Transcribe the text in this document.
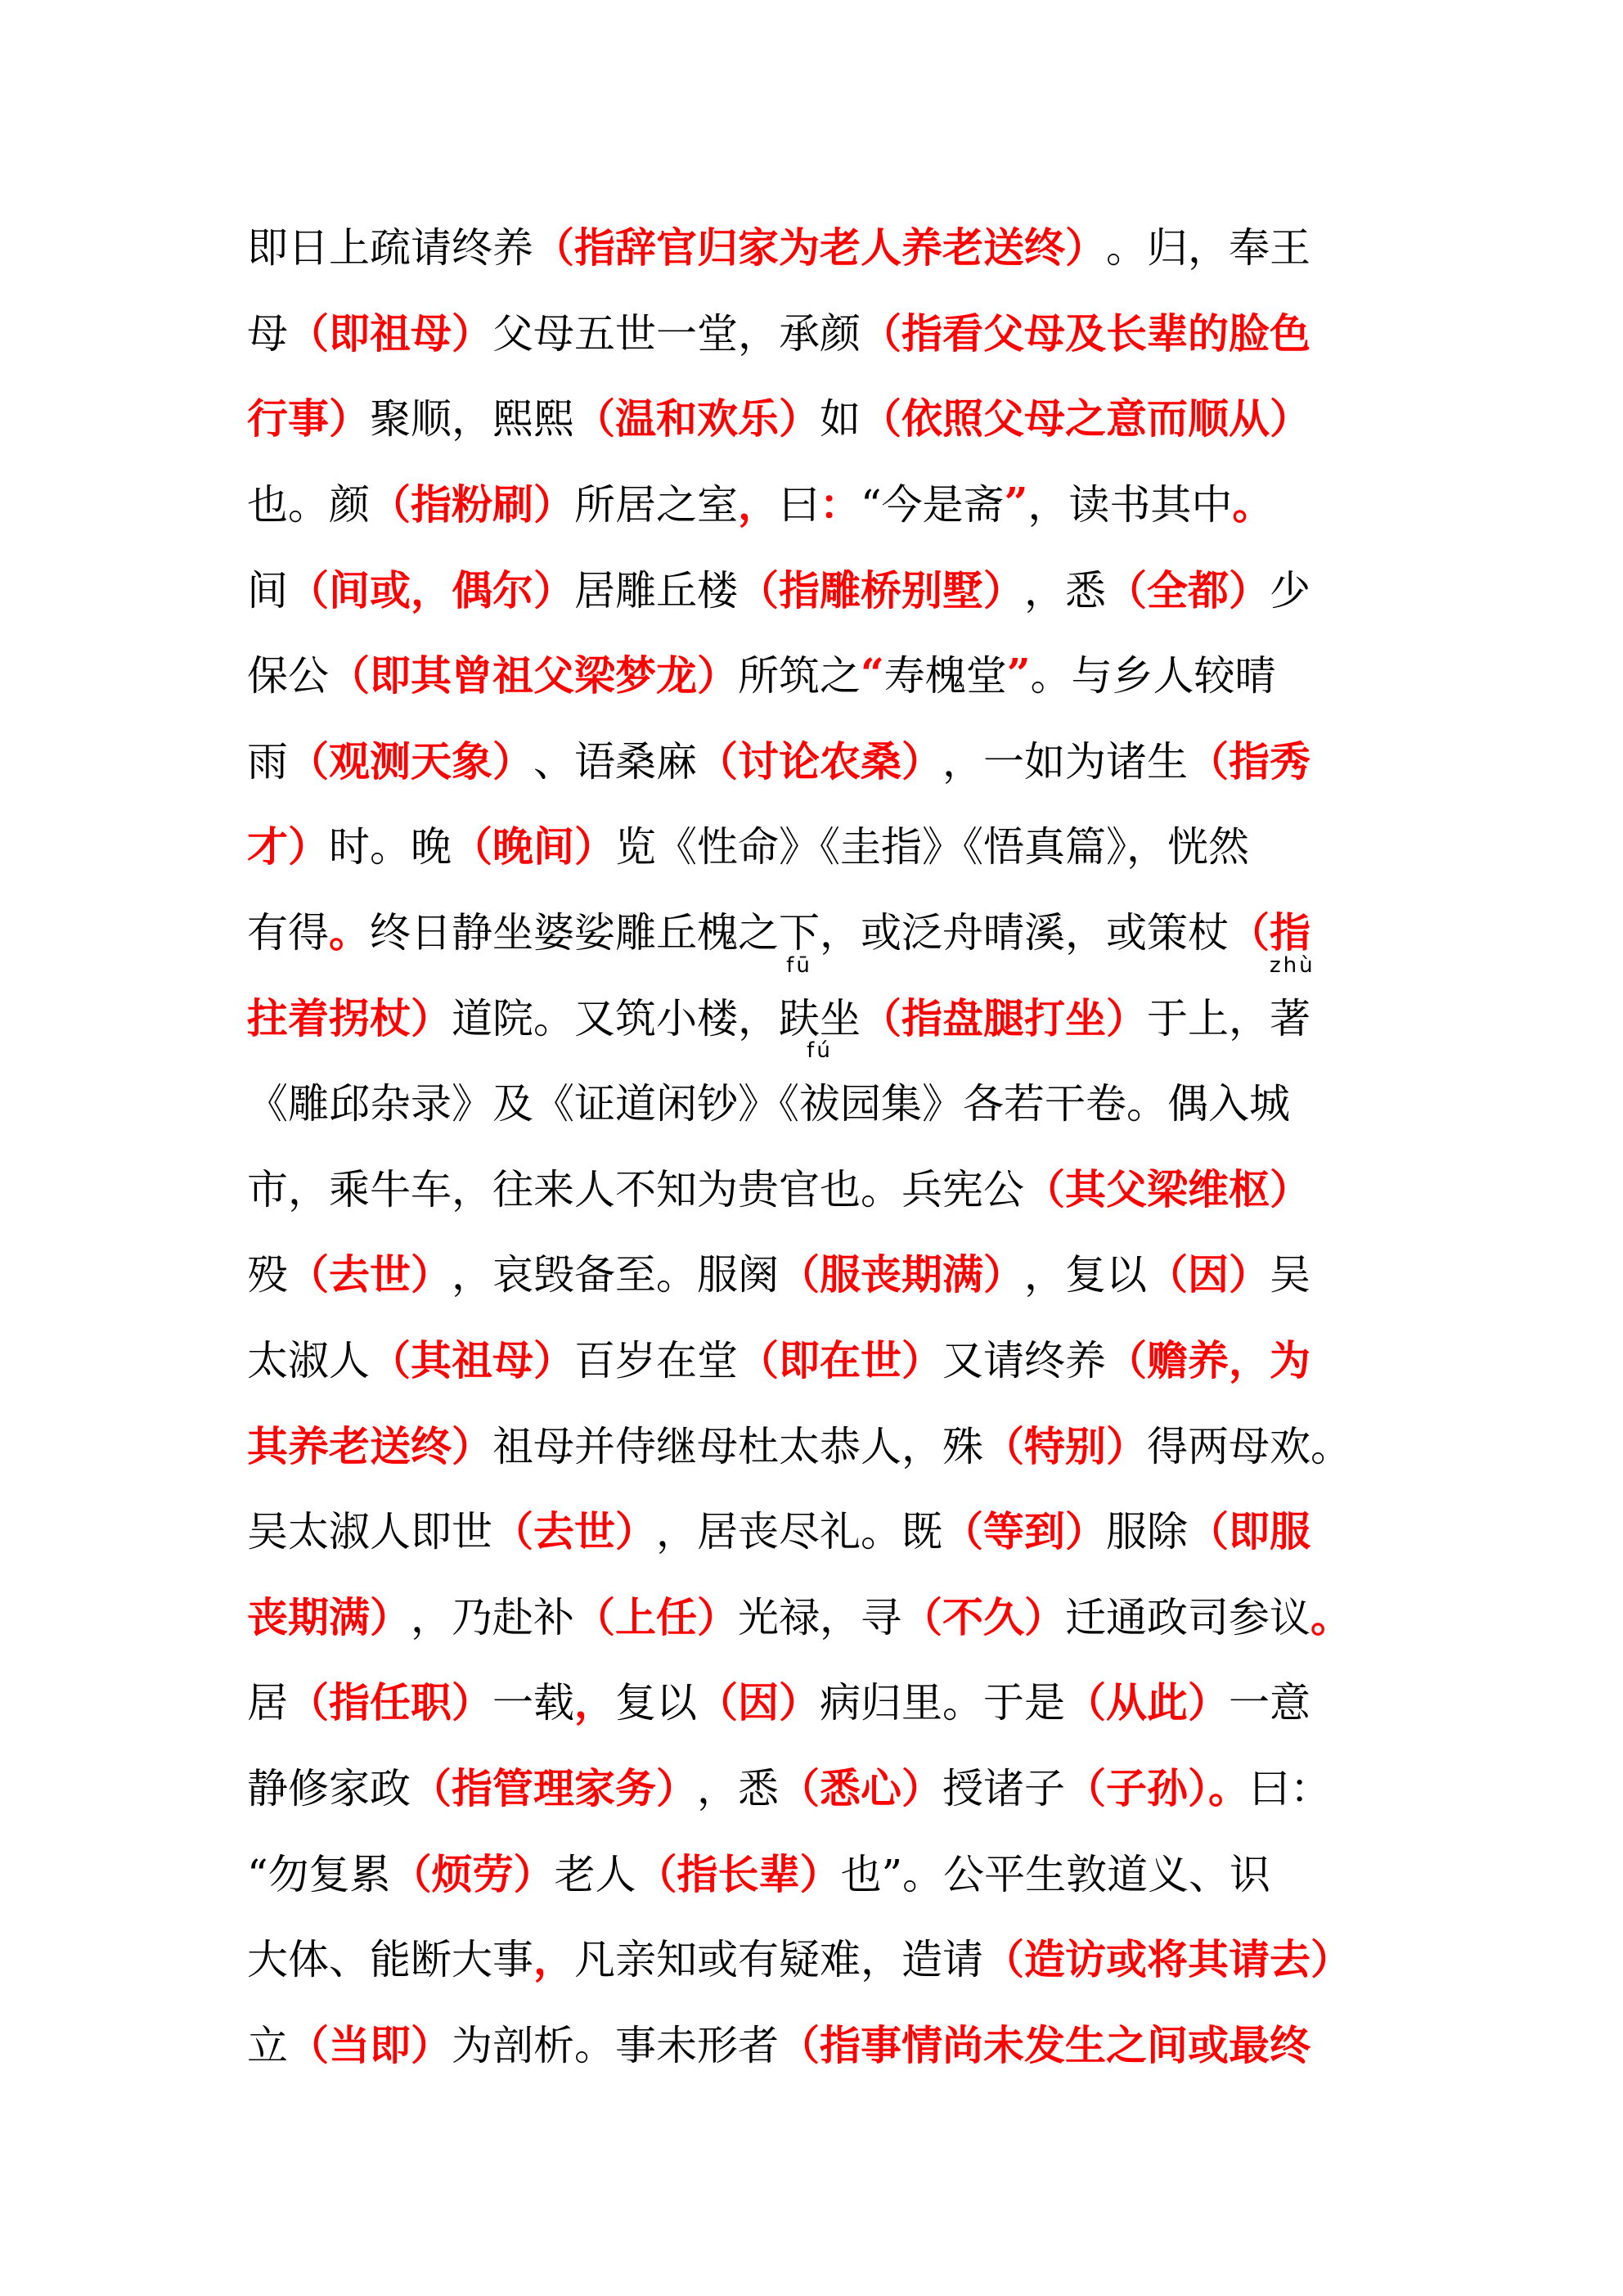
即日上疏请终养 （指辞官归家为老人养老送终） 。归，奉王
母 （即祖母） 父母五世一堂，承颜 （指看父母及长辈的脸色
行事） 聚顺，熙熙 （温和欢乐） 如 （依照父母之意而顺从）
也。颜 （指粉刷） 所居之室 ， 曰 ： “今是斋 ” ，读书其中 。
间 （间或，偶尔） 居雕丘楼 （指雕桥别墅） ，悉 （全都） 少
保公 （即其曾祖父梁梦龙） 所筑之 “ 寿槐堂 ” 。与乡人较晴
雨 （观测天象） 、语桑麻 （讨论农桑） ，一如为诸生 （指秀
才） 时。晚 （晚间） 览《性命》《圭指》《悟真篇》，恍然
有得 。 终日静坐婆娑雕丘槐之下，或泛舟晴溪，或策杖 （指
拄着拐杖） 道院。又筑小楼，
fū
趺 坐 （指盘腿打坐） 于上，
zhù
著
《雕邱杂录》及《证道闲钞》《
fú
祓 园集》各若干卷。偶入城
市，乘牛车，往来人不知为贵官也。兵宪公 （其父梁维枢）
殁 （去世） ，哀毁备至。服阕 （服丧期满） ，复以 （因） 吴
太淑人 （其祖母） 百岁在堂 （即在世） 又请终养 （赡养，为
其养老送终） 祖母并侍继母杜太恭人，殊 （特别） 得两母欢。
吴太淑人即世 （去世） ，居丧尽礼。既 （等到） 服除 （即服
丧期满） ，乃赴补 （上任） 光禄，寻 （不久） 迁通政司参议 。
居 （指任职） 一载 ， 复以 （因） 病归里。于是 （从此） 一意
静修家政 （指管理家务） ，悉 （悉心） 授诸子 （子孙）。 曰：
“勿复累 （烦劳） 老人 （指长辈） 也”。公平生敦道义、识
大体、能断大事 ， 凡亲知或有疑难，造请 （造访或将其请去）
立 （当即） 为剖析。事未形者 （指事情尚未发生之间或最终
